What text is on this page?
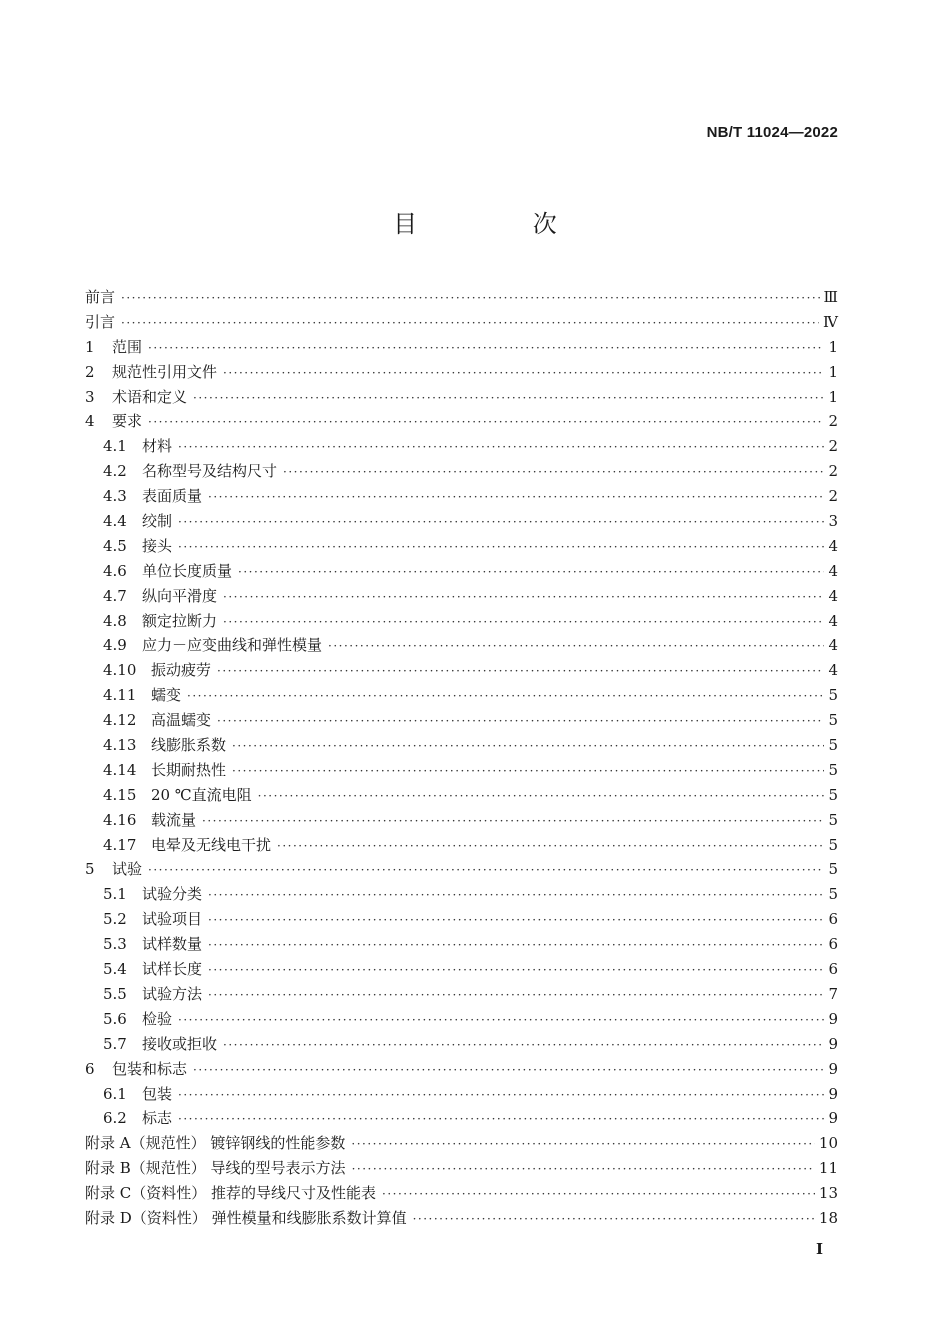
NB/T 11024—2022
目 次
前言 ·····	Ⅲ
引言 ·····	Ⅳ
1	范围 ·····	1
2	规范性引用文件 ·····	1
3	术语和定义 ·····	1
4	要求 ·····	2
4.1	材料 ·····	2
4.2	名称型号及结构尺寸 ·····	2
4.3	表面质量 ·····	2
4.4	绞制 ·····	3
4.5	接头 ·····	4
4.6	单位长度质量 ·····	4
4.7	纵向平滑度 ·····	4
4.8	额定拉断力 ·····	4
4.9	应力－应变曲线和弹性模量 ·····	4
4.10 振动疲劳 ·····	4
4.11 蠕变 ·····	5
4.12 高温蠕变 ·····	5
4.13 线膨胀系数 ·····	5
4.14 长期耐热性 ·····	5
4.15 20 ℃直流电阻 ·····	5
4.16 载流量 ·····	5
4.17 电晕及无线电干扰 ·····	5
5	试验 ·····	5
5.1	试验分类 ·····	5
5.2	试验项目 ·····	6
5.3	试样数量 ·····	6
5.4	试样长度 ·····	6
5.5	试验方法 ·····	7
5.6	检验 ·····	9
5.7	接收或拒收 ·····	9
6	包装和标志 ·····	9
6.1	包装 ·····	9
6.2	标志 ·····	9
附录 A（规范性） 镀锌钢线的性能参数 ·····	10
附录 B（规范性） 导线的型号表示方法 ·····	11
附录 C（资料性） 推荐的导线尺寸及性能表 ·····	13
附录 D（资料性） 弹性模量和线膨胀系数计算值 ·····	18
I
